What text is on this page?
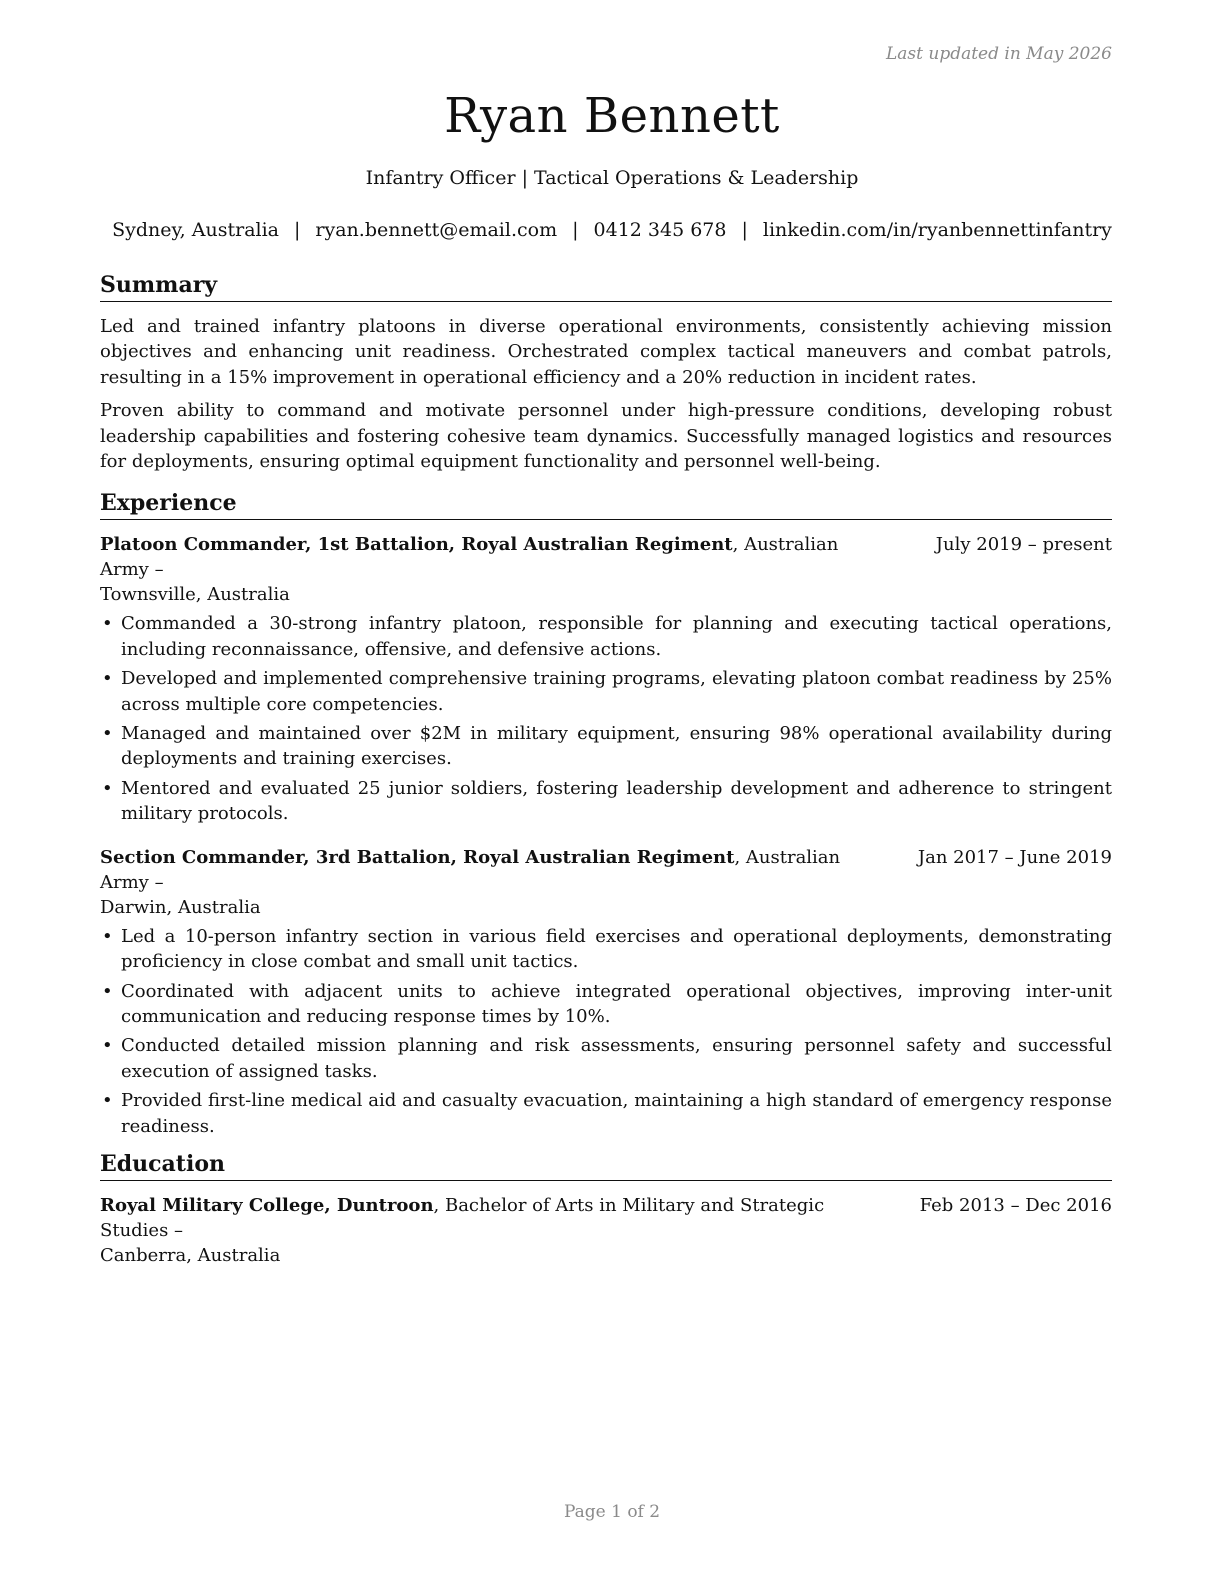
Last updated in May 2026
Ryan Bennett
Infantry Officer | Tactical Operations & Leadership
Sydney, Australia | ryan.bennett@email.com | 0412 345 678 | linkedin.com/in/ryanbennettinfantry
Summary

Led and trained infantry platoons in diverse operational environments, consistently achieving mission objectives and enhancing unit readiness. Orchestrated complex tactical maneuvers and combat patrols, resulting in a 15% improvement in operational efficiency and a 20% reduction in incident rates.

Proven ability to command and motivate personnel under high-pressure conditions, developing robust leadership capabilities and fostering cohesive team dynamics. Successfully managed logistics and resources for deployments, ensuring optimal equipment functionality and personnel well-being.

Experience
Platoon Commander, 1st Battalion, Royal Australian Regiment, Australian Army –
Townsville, Australia
July 2019 – present
• Commanded a 30-strong infantry platoon, responsible for planning and executing tactical operations, including reconnaissance, offensive, and defensive actions.
• Developed and implemented comprehensive training programs, elevating platoon combat readiness by 25% across multiple core competencies.
• Managed and maintained over $2M in military equipment, ensuring 98% operational availability during deployments and training exercises.
• Mentored and evaluated 25 junior soldiers, fostering leadership development and adherence to stringent military protocols.
Section Commander, 3rd Battalion, Royal Australian Regiment, Australian Army –
Darwin, Australia
Jan 2017 – June 2019
• Led a 10-person infantry section in various field exercises and operational deployments, demonstrating proficiency in close combat and small unit tactics.
• Coordinated with adjacent units to achieve integrated operational objectives, improving inter-unit communication and reducing response times by 10%.
• Conducted detailed mission planning and risk assessments, ensuring personnel safety and successful execution of assigned tasks.
• Provided first-line medical aid and casualty evacuation, maintaining a high standard of emergency response readiness.
Education
Royal Military College, Duntroon, Bachelor of Arts in Military and Strategic Studies –
Canberra, Australia
Feb 2013 – Dec 2016
Page 1 of 2
